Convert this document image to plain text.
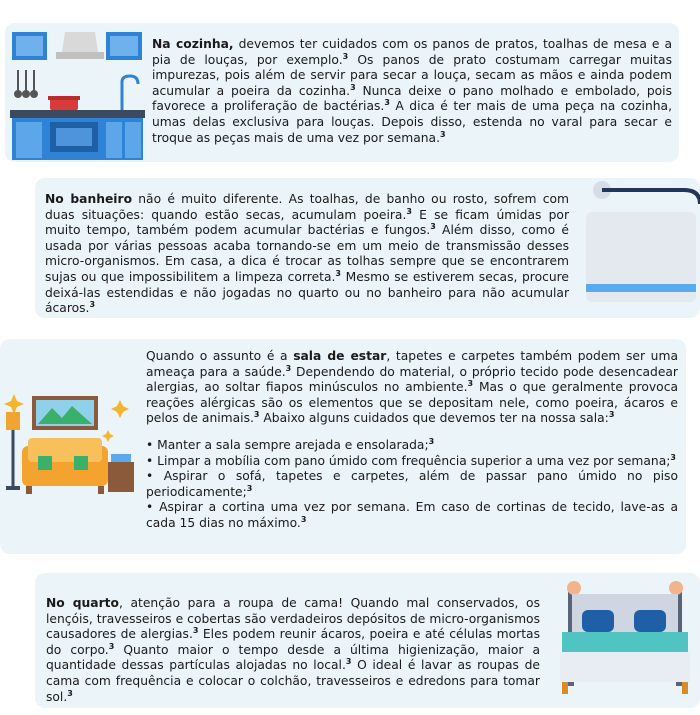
Na cozinha, devemos ter cuidados com os panos de pratos, toalhas de mesa e a pia de louças, por exemplo.$^3$ Os panos de prato costumam carregar muitas impurezas, pois além de servir para secar a louça, secam as mãos e ainda podem acumular a poeira da cozinha.$^3$ Nunca deixe o pano molhado e embolado, pois favorece a proliferação de bactérias.$^3$ A dica é ter mais de uma peça na cozinha, umas delas exclusiva para louças. Depois disso, estenda no varal para secar e troque as peças mais de uma vez por semana.$^3$

No banheiro não é muito diferente. As toalhas, de banho ou rosto, sofrem com duas situações: quando estão secas, acumulam poeira.$^3$ E se ficam úmidas por muito tempo, também podem acumular bactérias e fungos.$^3$ Além disso, como é usada por várias pessoas acaba tornando-se em um meio de transmissão desses micro-organismos. Em casa, a dica é trocar as tolhas sempre que se encontrarem sujas ou que impossibilitem a limpeza correta.$^3$ Mesmo se estiverem secas, procure deixá-las estendidas e não jogadas no quarto ou no banheiro para não acumular ácaros.$^3$

Quando o assunto é a sala de estar, tapetes e carpetes também podem ser uma ameaça para a saúde.$^3$ Dependendo do material, o próprio tecido pode desencadear alergias, ao soltar fiapos minúsculos no ambiente.$^3$ Mas o que geralmente provoca reações alérgicas são os elementos que se depositam nele, como poeira, ácaros e pelos de animais.$^3$ Abaixo alguns cuidados que devemos ter na nossa sala:$^3$

• Manter a sala sempre arejada e ensolarada;$^3$

• Limpar a mobília com pano úmido com frequência superior a uma vez por semana;$^3$

• Aspirar o sofá, tapetes e carpetes, além de passar pano úmido no piso periodicamente;$^3$

• Aspirar a cortina uma vez por semana. Em caso de cortinas de tecido, lave-as a cada 15 dias no máximo.$^3$

No quarto, atenção para a roupa de cama! Quando mal conservados, os lençóis, travesseiros e cobertas são verdadeiros depósitos de micro-organismos causadores de alergias.$^3$ Eles podem reunir ácaros, poeira e até células mortas do corpo.$^3$ Quanto maior o tempo desde a última higienização, maior a quantidade dessas partículas alojadas no local.$^3$ O ideal é lavar as roupas de cama com frequência e colocar o colchão, travesseiros e edredons para tomar sol.$^3$
